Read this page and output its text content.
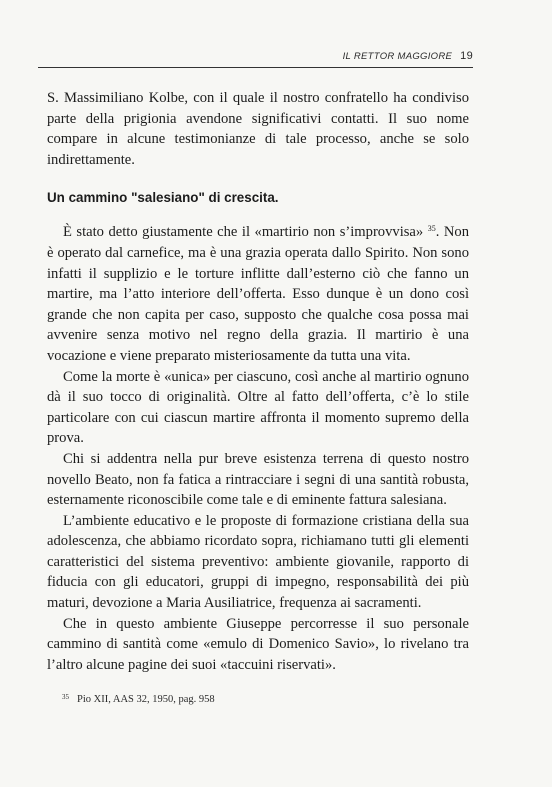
IL RETTOR MAGGIORE 19

S. Massimiliano Kolbe, con il quale il nostro confratello ha condiviso parte della prigionia avendone significativi contatti. Il suo nome compare in alcune testimonianze di tale processo, anche se solo indirettamente.

Un cammino "salesiano" di crescita.

È stato detto giustamente che il «martirio non s’improvvisa» $^{35}$. Non è operato dal carnefice, ma è una grazia operata dallo Spirito. Non sono infatti il supplizio e le torture inflitte dall’esterno ciò che fanno un martire, ma l’atto interiore dell’offerta. Esso dunque è un dono così grande che non capita per caso, supposto che qualche cosa possa mai avvenire senza motivo nel regno della grazia. Il martirio è una vocazione e viene preparato misteriosamente da tutta una vita.

Come la morte è «unica» per ciascuno, così anche al martirio ognuno dà il suo tocco di originalità. Oltre al fatto dell’offerta, c’è lo stile particolare con cui ciascun martire affronta il momento supremo della prova.

Chi si addentra nella pur breve esistenza terrena di questo nostro novello Beato, non fa fatica a rintracciare i segni di una santità robusta, esternamente riconoscibile come tale e di eminente fattura salesiana.

L’ambiente educativo e le proposte di formazione cristiana della sua adolescenza, che abbiamo ricordato sopra, richiamano tutti gli elementi caratteristici del sistema preventivo: ambiente giovanile, rapporto di fiducia con gli educatori, gruppi di impegno, responsabilità dei più maturi, devozione a Maria Ausiliatrice, frequenza ai sacramenti.

Che in questo ambiente Giuseppe percorresse il suo personale cammino di santità come «emulo di Domenico Savio», lo rivelano tra l’altro alcune pagine dei suoi «taccuini riservati».

$^{35}$ Pio XII, AAS 32, 1950, pag. 958
